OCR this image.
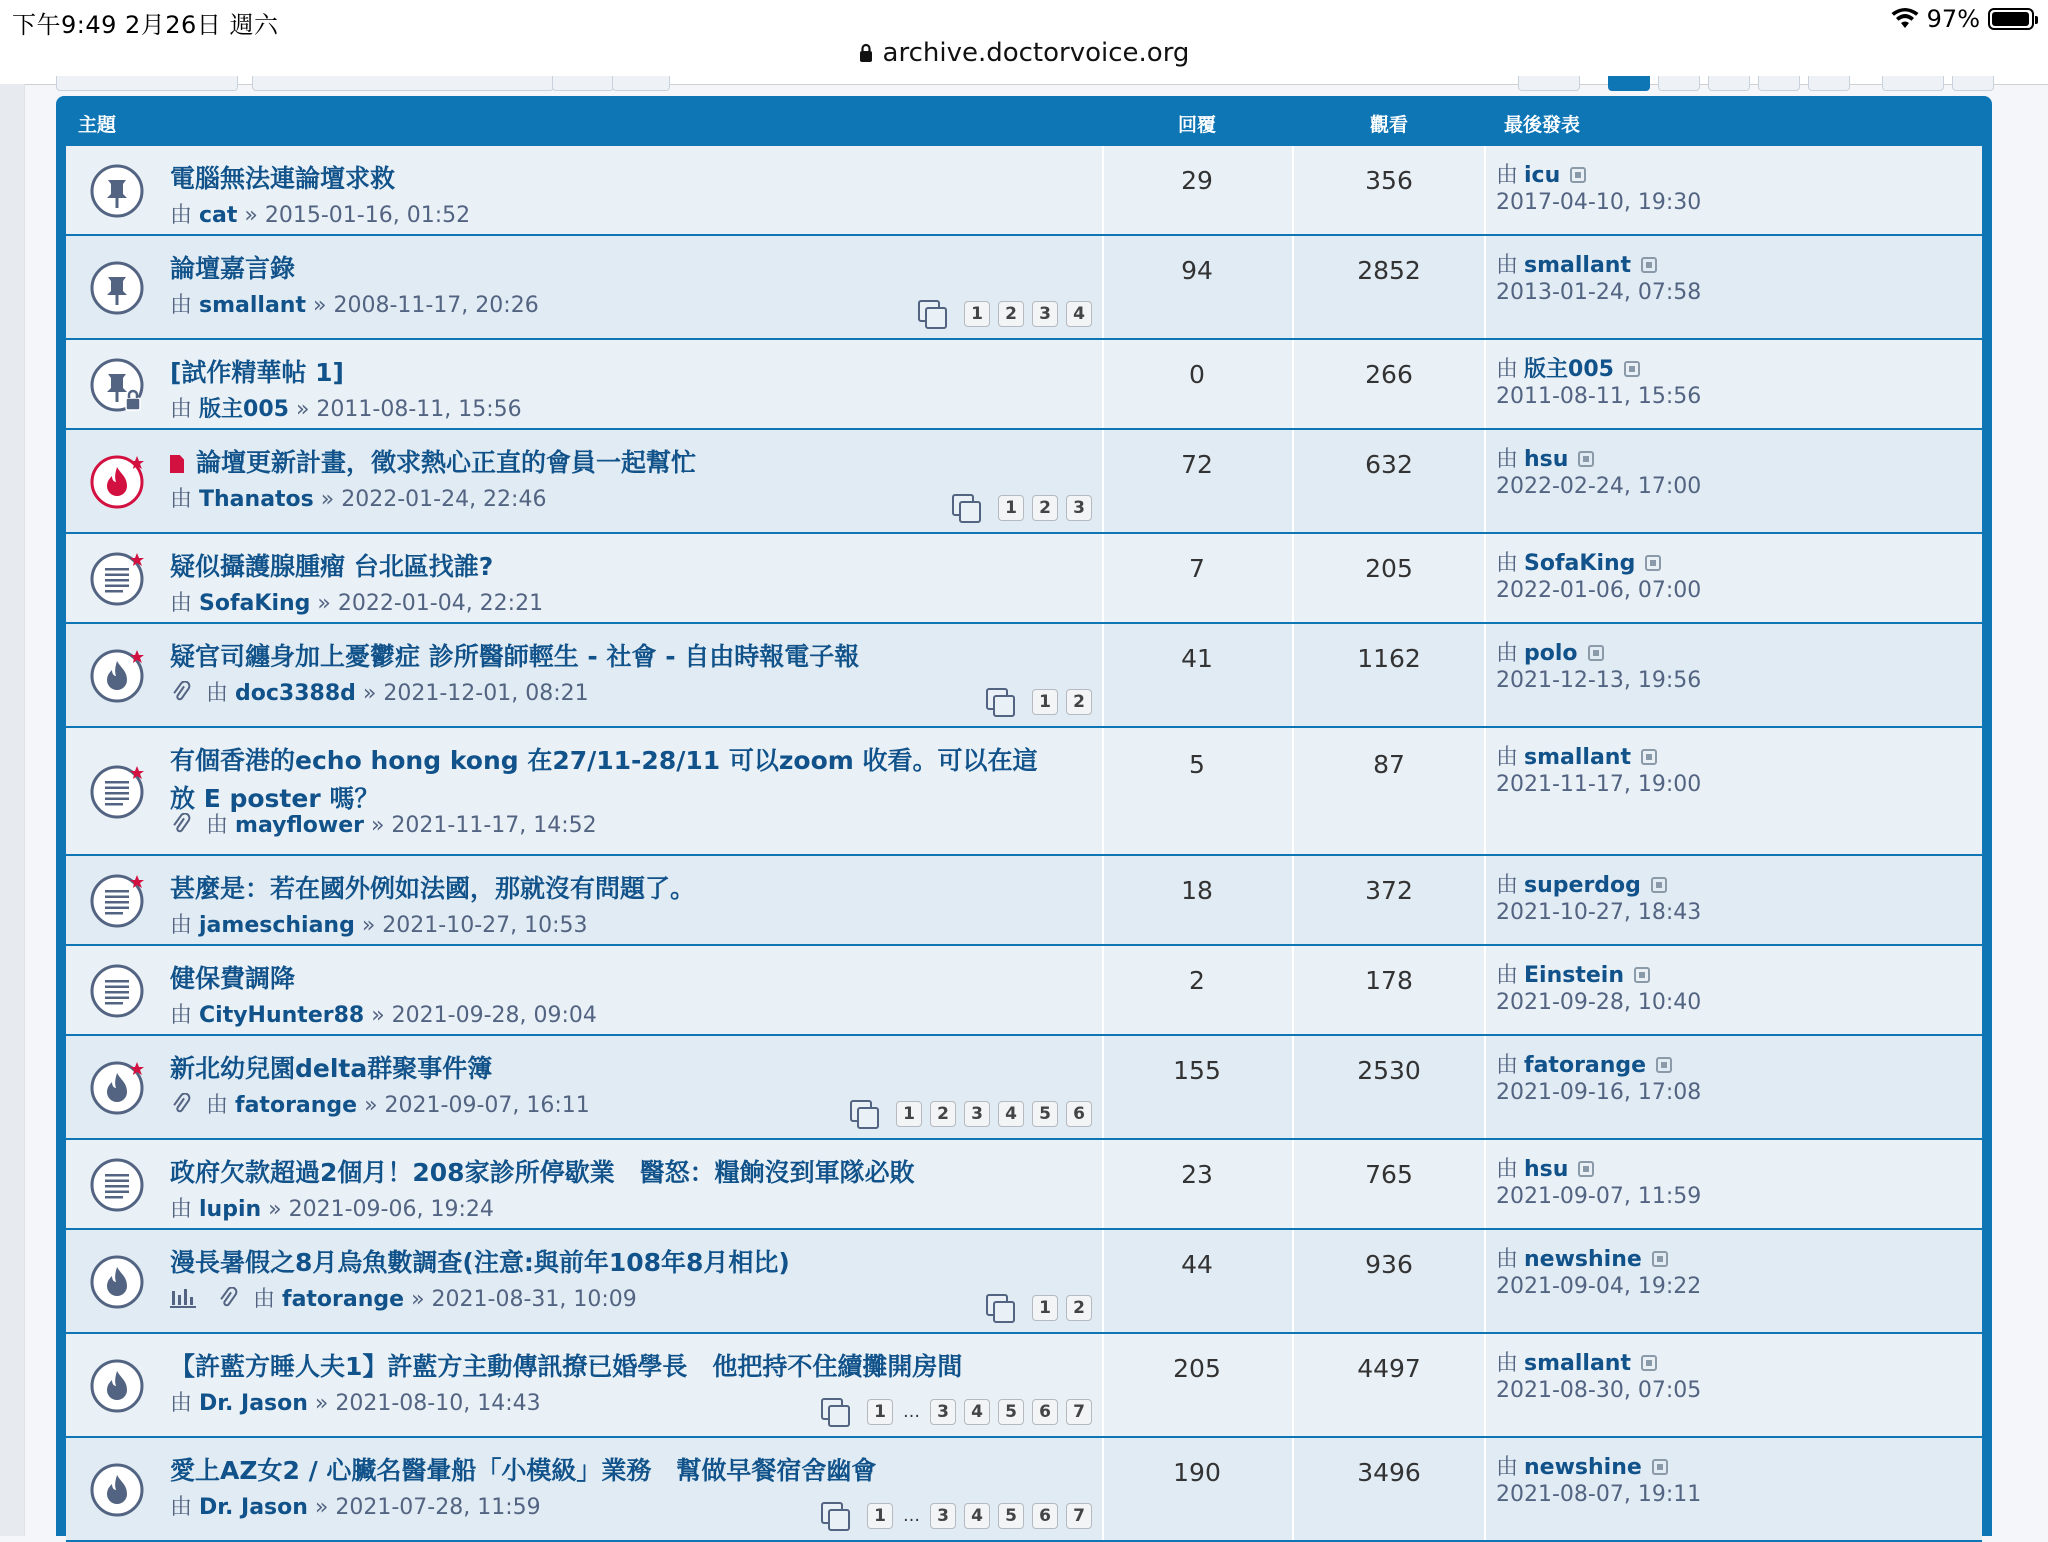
下午9:49 2月26日 週六	97%
archive.doctorvoice.org
主題	回覆	觀看	最後發表
電腦無法連論壇求救
由 cat » 2015-01-16, 01:52
29	356	由 icu
2017-04-10, 19:30
論壇嘉言錄
由 smallant » 2008-11-17, 20:26	1	2	3	4
94	2852	由 smallant
2013-01-24, 07:58
[試作精華帖 1]
由 版主005 » 2011-08-11, 15:56
0	266	由 版主005
2011-08-11, 15:56
論壇更新計畫，徵求熱心正直的會員一起幫忙
由 Thanatos » 2022-01-24, 22:46	1	2	3
72	632	由 hsu
2022-02-24, 17:00
疑似攝護腺腫瘤 台北區找誰?
由 SofaKing » 2022-01-04, 22:21
7	205	由 SofaKing
2022-01-06, 07:00
疑官司纏身加上憂鬱症 診所醫師輕生 - 社會 - 自由時報電子報
由 doc3388d » 2021-12-01, 08:21	1	2
41	1162	由 polo
2021-12-13, 19:56
有個香港的echo hong kong 在27/11-28/11 可以zoom 收看。可以在這放 E poster 嗎？
由 mayflower » 2021-11-17, 14:52
5	87	由 smallant
2021-11-17, 19:00
甚麼是：若在國外例如法國，那就沒有問題了。
由 jameschiang » 2021-10-27, 10:53
18	372	由 superdog
2021-10-27, 18:43
健保費調降
由 CityHunter88 » 2021-09-28, 09:04
2	178	由 Einstein
2021-09-28, 10:40
新北幼兒園delta群聚事件簿
由 fatorange » 2021-09-07, 16:11	1	2	3	4	5	6
155	2530	由 fatorange
2021-09-16, 17:08
政府欠款超過2個月！208家診所停歇業　醫怒：糧餉沒到軍隊必敗
由 lupin » 2021-09-06, 19:24
23	765	由 hsu
2021-09-07, 11:59
漫長暑假之8月烏魚數調查(注意:與前年108年8月相比)
由 fatorange » 2021-08-31, 10:09	1	2
44	936	由 newshine
2021-09-04, 19:22
【許藍方睡人夫1】許藍方主動傳訊撩已婚學長　他把持不住續攤開房間
由 Dr. Jason » 2021-08-10, 14:43	1	…	3	4	5	6	7
205	4497	由 smallant
2021-08-30, 07:05
愛上AZ女2 / 心臟名醫暈船「小模級」業務　幫做早餐宿舍幽會
由 Dr. Jason » 2021-07-28, 11:59	1	…	3	4	5	6	7
190	3496	由 newshine
2021-08-07, 19:11
